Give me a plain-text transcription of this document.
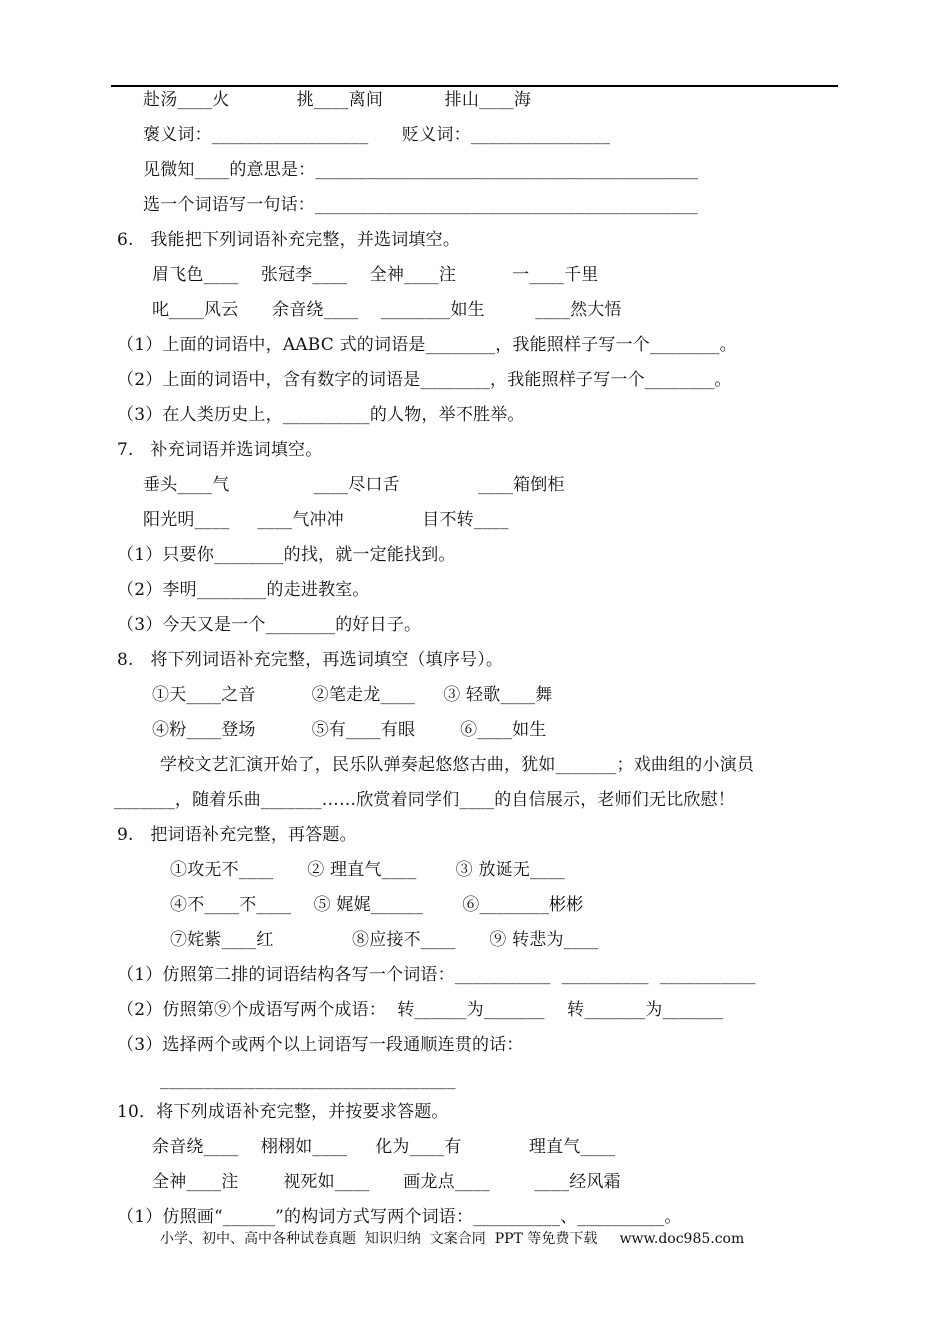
赴汤____火            挑____离间           排山____海
褒义词：__________________      贬义词：________________
见微知____的意思是：____________________________________________
选一个词语写一句话：____________________________________________
6.   我能把下列词语补充完整，并选词填空。
眉飞色____    张冠李____    全神____注          一____千里
叱____风云      余音绕____    ________如生         ____然大悟
（1）上面的词语中，AABC 式的词语是________，我能照样子写一个________。
（2）上面的词语中，含有数字的词语是________，我能照样子写一个________。
（3）在人类历史上，__________的人物，举不胜举。
7.   补充词语并选词填空。
垂头____气               ____尽口舌              ____箱倒柜
阳光明____     ____气冲冲              目不转____
（1）只要你________的找，就一定能找到。
（2）李明________的走进教室。
（3）今天又是一个________的好日子。
8.   将下列词语补充完整，再选词填空（填序号）。
①天____之音          ②笔走龙____     ③ 轻歌____舞
④粉____登场          ⑤有____有眼        ⑥____如生
学校文艺汇演开始了，民乐队弹奏起悠悠古曲，犹如_______；戏曲组的小演员
_______，随着乐曲_______……欣赏着同学们____的自信展示，老师们无比欣慰！
9.   把词语补充完整，再答题。
①攻无不____      ② 理直气____       ③ 放诞无____
④不____不____    ⑤ 娓娓______       ⑥________彬彬
⑦姹紫____红              ⑧应接不____      ⑨ 转悲为____
（1）仿照第二排的词语结构各写一个词语：___________  __________  ___________
（2）仿照第⑨个成语写两个成语：  转______为_______    转_______为_______
（3）选择两个或两个以上词语写一段通顺连贯的话：
__________________________________
10．将下列成语补充完整，并按要求答题。
余音绕____    栩栩如____     化为____有            理直气____
全神____注        视死如____      画龙点____        ____经风霜
（1）仿照画“______”的构词方式写两个词语：__________、__________。
小学、初中、高中各种试卷真题  知识归纳  文案合同  PPT 等免费下载     www.doc985.com
